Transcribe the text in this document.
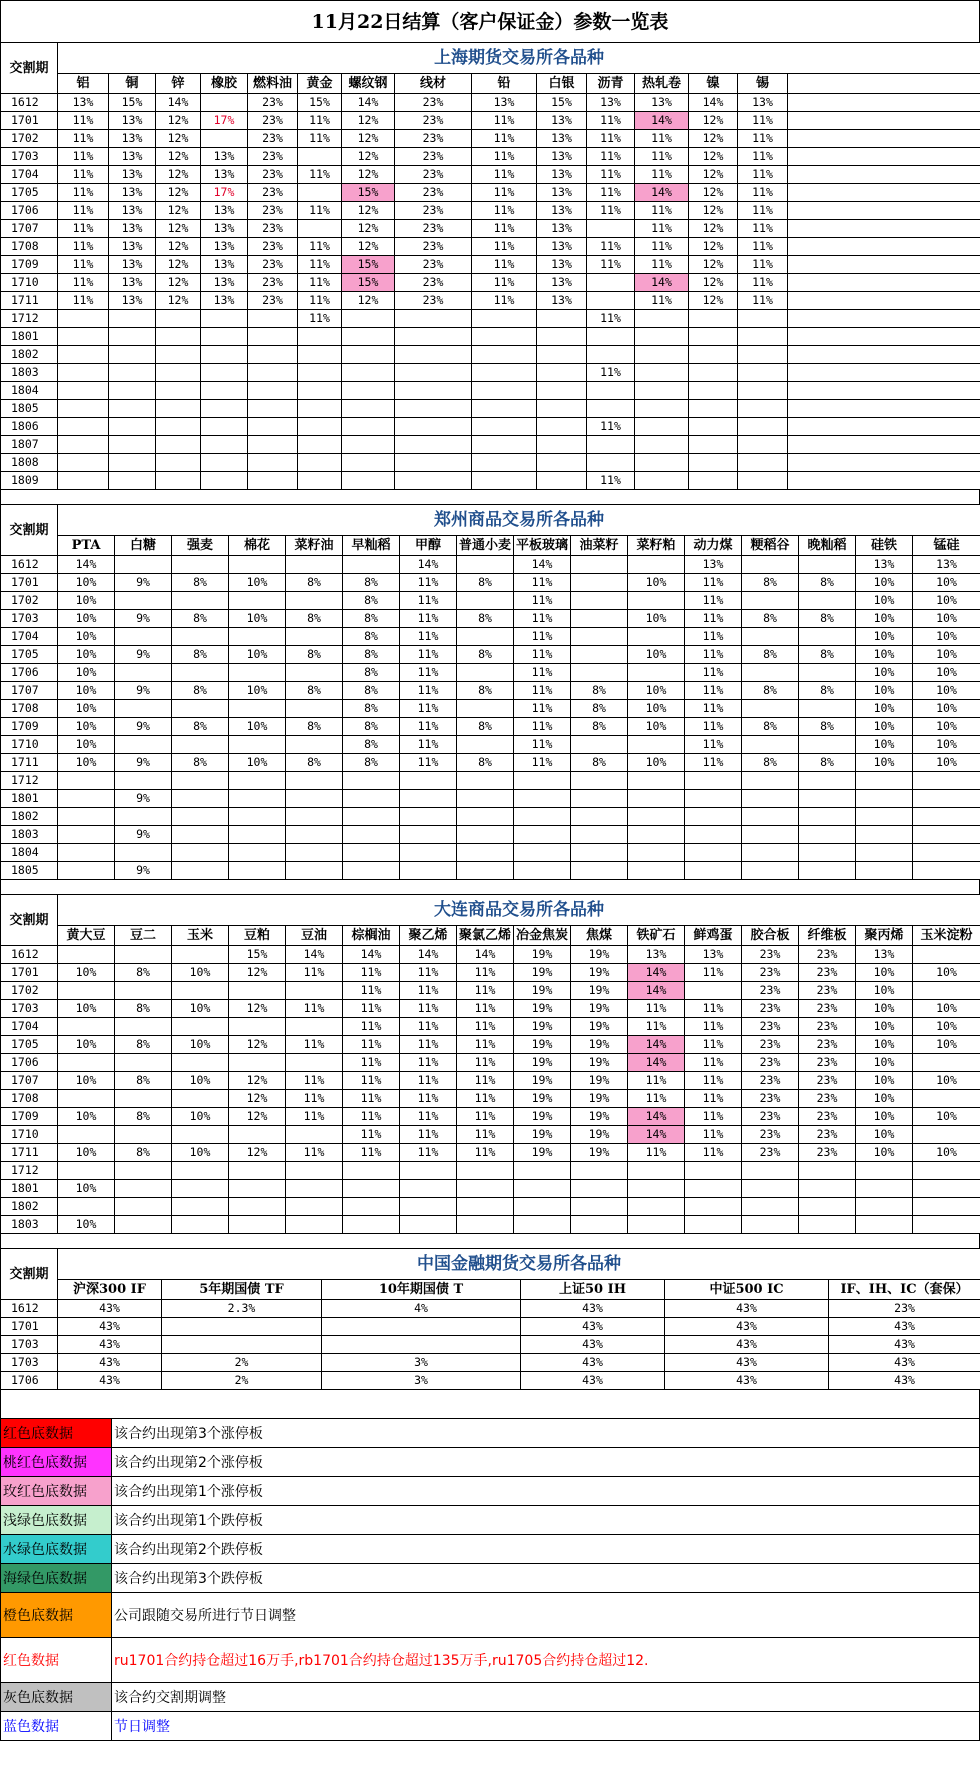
11月22日结算（客户保证金）参数一览表
交割期	上海期货交易所各品种														
	铝	铜	锌	橡胶	燃料油	黄金	螺纹钢	线材	铅	白银	沥青	热轧卷	镍	锡	
1612	13%	15%	14%		23%	15%	14%	23%	13%	15%	13%	13%	14%	13%	
1701	11%	13%	12%	17%	23%	11%	12%	23%	11%	13%	11%	14%	12%	11%	
1702	11%	13%	12%		23%	11%	12%	23%	11%	13%	11%	11%	12%	11%	
1703	11%	13%	12%	13%	23%		12%	23%	11%	13%	11%	11%	12%	11%	
1704	11%	13%	12%	13%	23%	11%	12%	23%	11%	13%	11%	11%	12%	11%	
1705	11%	13%	12%	17%	23%		15%	23%	11%	13%	11%	14%	12%	11%	
1706	11%	13%	12%	13%	23%	11%	12%	23%	11%	13%	11%	11%	12%	11%	
1707	11%	13%	12%	13%	23%		12%	23%	11%	13%		11%	12%	11%	
1708	11%	13%	12%	13%	23%	11%	12%	23%	11%	13%	11%	11%	12%	11%	
1709	11%	13%	12%	13%	23%	11%	15%	23%	11%	13%	11%	11%	12%	11%	
1710	11%	13%	12%	13%	23%	11%	15%	23%	11%	13%		14%	12%	11%	
1711	11%	13%	12%	13%	23%	11%	12%	23%	11%	13%		11%	12%	11%	
1712						11%					11%				
1801															
1802															
1803											11%				
1804															
1805															
1806											11%				
1807															
1808															
1809											11%				
交割期	郑州商品交易所各品种															
	PTA	白糖	强麦	棉花	菜籽油	早籼稻	甲醇	普通小麦	平板玻璃	油菜籽	菜籽粕	动力煤	粳稻谷	晚籼稻	硅铁	锰硅
1612	14%						14%		14%			13%			13%	13%
1701	10%	9%	8%	10%	8%	8%	11%	8%	11%		10%	11%	8%	8%	10%	10%
1702	10%					8%	11%		11%			11%			10%	10%
1703	10%	9%	8%	10%	8%	8%	11%	8%	11%		10%	11%	8%	8%	10%	10%
1704	10%					8%	11%		11%			11%			10%	10%
1705	10%	9%	8%	10%	8%	8%	11%	8%	11%		10%	11%	8%	8%	10%	10%
1706	10%					8%	11%		11%			11%			10%	10%
1707	10%	9%	8%	10%	8%	8%	11%	8%	11%	8%	10%	11%	8%	8%	10%	10%
1708	10%					8%	11%		11%	8%	10%	11%			10%	10%
1709	10%	9%	8%	10%	8%	8%	11%	8%	11%	8%	10%	11%	8%	8%	10%	10%
1710	10%					8%	11%		11%			11%			10%	10%
1711	10%	9%	8%	10%	8%	8%	11%	8%	11%	8%	10%	11%	8%	8%	10%	10%
1712																
1801		9%														
1802																
1803		9%														
1804																
1805		9%														
交割期	大连商品交易所各品种															
	黄大豆	豆二	玉米	豆粕	豆油	棕榈油	聚乙烯	聚氯乙烯	冶金焦炭	焦煤	铁矿石	鲜鸡蛋	胶合板	纤维板	聚丙烯	玉米淀粉
1612				15%	14%	14%	14%	14%	19%	19%	13%	13%	23%	23%	13%	
1701	10%	8%	10%	12%	11%	11%	11%	11%	19%	19%	14%	11%	23%	23%	10%	10%
1702						11%	11%	11%	19%	19%	14%		23%	23%	10%	
1703	10%	8%	10%	12%	11%	11%	11%	11%	19%	19%	11%	11%	23%	23%	10%	10%
1704						11%	11%	11%	19%	19%	11%	11%	23%	23%	10%	10%
1705	10%	8%	10%	12%	11%	11%	11%	11%	19%	19%	14%	11%	23%	23%	10%	10%
1706						11%	11%	11%	19%	19%	14%	11%	23%	23%	10%	
1707	10%	8%	10%	12%	11%	11%	11%	11%	19%	19%	11%	11%	23%	23%	10%	10%
1708				12%	11%	11%	11%	11%	19%	19%	11%	11%	23%	23%	10%	
1709	10%	8%	10%	12%	11%	11%	11%	11%	19%	19%	14%	11%	23%	23%	10%	10%
1710						11%	11%	11%	19%	19%	14%	11%	23%	23%	10%	
1711	10%	8%	10%	12%	11%	11%	11%	11%	19%	19%	11%	11%	23%	23%	10%	10%
1712																
1801	10%															
1802																
1803	10%															
交割期	中国金融期货交易所各品种					
	沪深300 IF	5年期国债 TF	10年期国债 T	上证50 IH	中证500 IC	IF、IH、IC（套保）
1612	43%	2.3%	4%	43%	43%	23%
1701	43%			43%	43%	43%
1703	43%			43%	43%	43%
1703	43%	2%	3%	43%	43%	43%
1706	43%	2%	3%	43%	43%	43%
红色底数据	该合约出现第3个涨停板
桃红色底数据	该合约出现第2个涨停板
玫红色底数据	该合约出现第1个涨停板
浅绿色底数据	该合约出现第1个跌停板
水绿色底数据	该合约出现第2个跌停板
海绿色底数据	该合约出现第3个跌停板
橙色底数据	公司跟随交易所进行节日调整
红色数据	ru1701合约持仓超过16万手,rb1701合约持仓超过135万手,ru1705合约持仓超过12.
灰色底数据	该合约交割期调整
蓝色数据	节日调整
